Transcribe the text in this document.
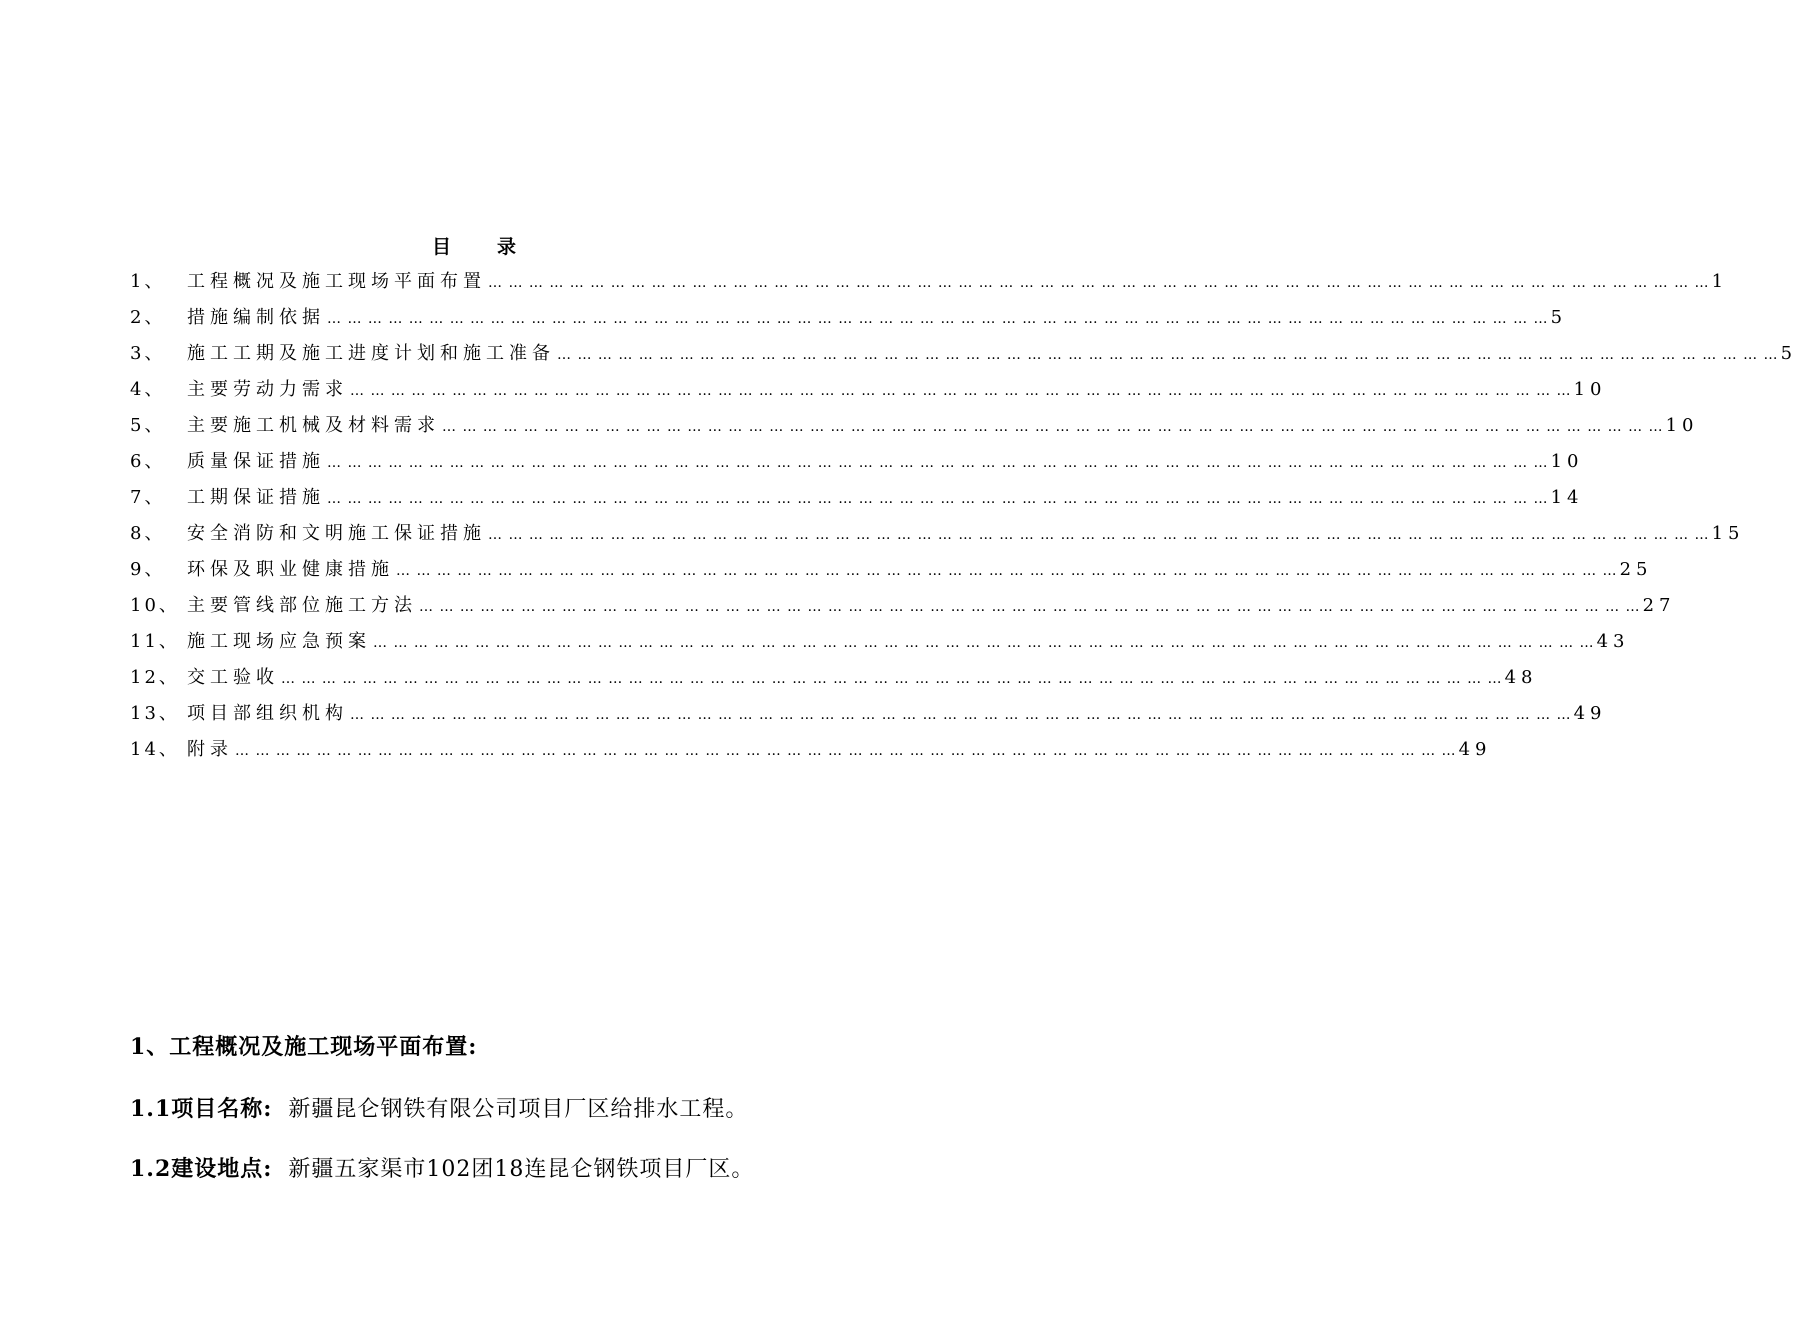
目 录
1、	工程概况及施工现场平面布置 … … … … … … … … … … … … … … … … … … … … … … … … … … … … … … … … … … … … … … … … … … … … … … … … … … … … … … … … … … … … 1
2、	措施编制依据 … … … … … … … … … … … … … … … … … … … … … … … … … … … … … … … … … … … … … … … … … … … … … … … … … … … … … … … … … … … … 5
3、	施工工期及施工进度计划和施工准备 … … … … … … … … … … … … … … … … … … … … … … … … … … … … … … … … … … … … … … … … … … … … … … … … … … … … … … … … … … … … 5
4、	主要劳动力需求 … … … … … … … … … … … … … … … … … … … … … … … … … … … … … … … … … … … … … … … … … … … … … … … … … … … … … … … … … … … … 10
5、	主要施工机械及材料需求 … … … … … … … … … … … … … … … … … … … … … … … … … … … … … … … … … … … … … … … … … … … … … … … … … … … … … … … … … … … … 10
6、	质量保证措施 … … … … … … … … … … … … … … … … … … … … … … … … … … … … … … … … … … … … … … … … … … … … … … … … … … … … … … … … … … … … 10
7、	工期保证措施 … … … … … … … … … … … … … … … … … … … … … … … … … … … … … … … … … … … … … … … … … … … … … … … … … … … … … … … … … … … … 14
8、	安全消防和文明施工保证措施 … … … … … … … … … … … … … … … … … … … … … … … … … … … … … … … … … … … … … … … … … … … … … … … … … … … … … … … … … … … … 15
9、	环保及职业健康措施 … … … … … … … … … … … … … … … … … … … … … … … … … … … … … … … … … … … … … … … … … … … … … … … … … … … … … … … … … … … … 25
10、 主要管线部位施工方法 … … … … … … … … … … … … … … … … … … … … … … … … … … … … … … … … … … … … … … … … … … … … … … … … … … … … … … … … … … … … 27
11、 施工现场应急预案 … … … … … … … … … … … … … … … … … … … … … … … … … … … … … … … … … … … … … … … … … … … … … … … … … … … … … … … … … … … … 43
12、 交工验收 … … … … … … … … … … … … … … … … … … … … … … … … … … … … … … … … … … … … … … … … … … … … … … … … … … … … … … … … … … … … 48
13、 项目部组织机构 … … … … … … … … … … … … … … … … … … … … … … … … … … … … … … … … … … … … … … … … … … … … … … … … … … … … … … … … … … … … 49
14、 附录 … … … … … … … … … … … … … … … … … … … … … … … … … … … … … … … … … … … … … … … … … … … … … … … … … … … … … … … … … … … … 49
1、工程概况及施工现场平面布置:
1.1项目名称: 新疆昆仑钢铁有限公司项目厂区给排水工程。
1.2建设地点: 新疆五家渠市102团18连昆仑钢铁项目厂区。
